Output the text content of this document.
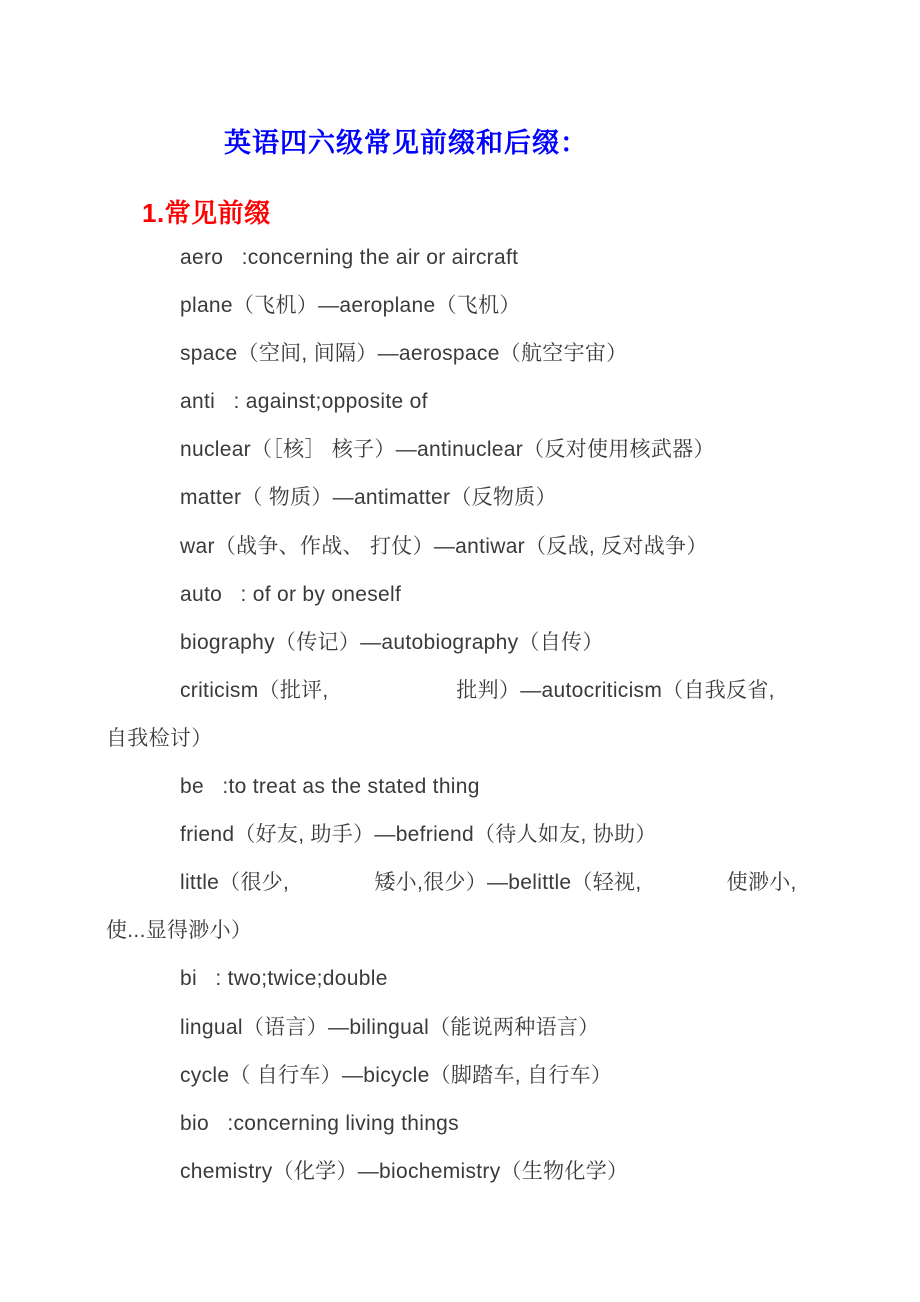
英语四六级常见前缀和后缀：
1.常见前缀
aero   :concerning the air or aircraft
plane（飞机）—aeroplane（飞机）
space（空间, 间隔）—aerospace（航空宇宙）
anti   : against;opposite of
nuclear（［核］ 核子）—antinuclear（反对使用核武器）
matter（ 物质）—antimatter（反物质）
war（战争、作战、 打仗）—antiwar（反战, 反对战争）
auto   : of or by oneself
biography（传记）—autobiography（自传）
criticism（批评,　　　　　　批判）—autocriticism（自我反省,
自我检讨）
be   :to treat as the stated thing
friend（好友, 助手）—befriend（待人如友, 协助）
little（很少,　　　　矮小,很少）—belittle（轻视,　　　　使渺小,
使...显得渺小）
bi   : two;twice;double
lingual（语言）—bilingual（能说两种语言）
cycle（ 自行车）—bicycle（脚踏车, 自行车）
bio   :concerning living things
chemistry（化学）—biochemistry（生物化学）
